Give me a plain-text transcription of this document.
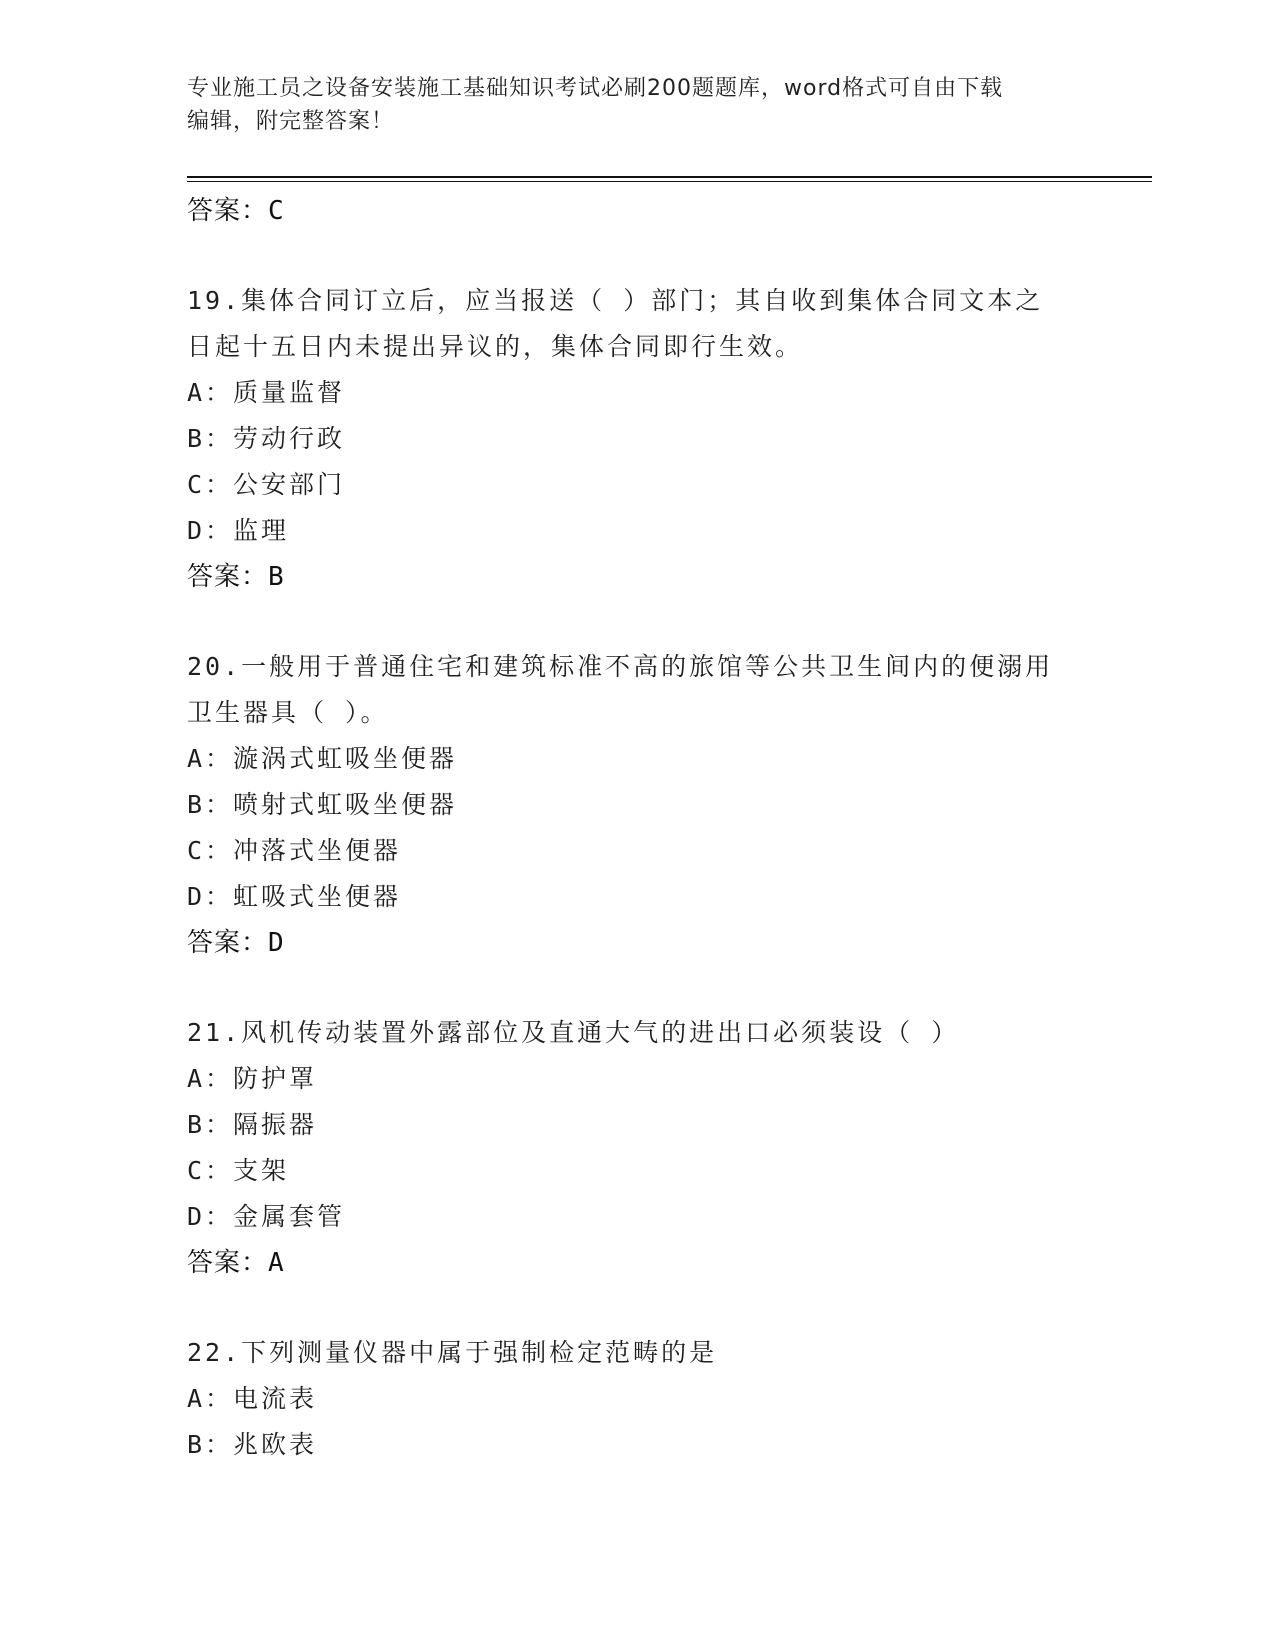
专业施工员之设备安装施工基础知识考试必刷200题题库，word格式可自由下载
编辑，附完整答案！
答案：C
19.集体合同订立后，应当报送（ ）部门；其自收到集体合同文本之
日起十五日内未提出异议的，集体合同即行生效。
A：质量监督
B：劳动行政
C：公安部门
D：监理
答案：B
20.一般用于普通住宅和建筑标准不高的旅馆等公共卫生间内的便溺用
卫生器具（ ）。
A：漩涡式虹吸坐便器
B：喷射式虹吸坐便器
C：冲落式坐便器
D：虹吸式坐便器
答案：D
21.风机传动装置外露部位及直通大气的进出口必须装设（ ）
A：防护罩
B：隔振器
C：支架
D：金属套管
答案：A
22.下列测量仪器中属于强制检定范畴的是
A：电流表
B：兆欧表
